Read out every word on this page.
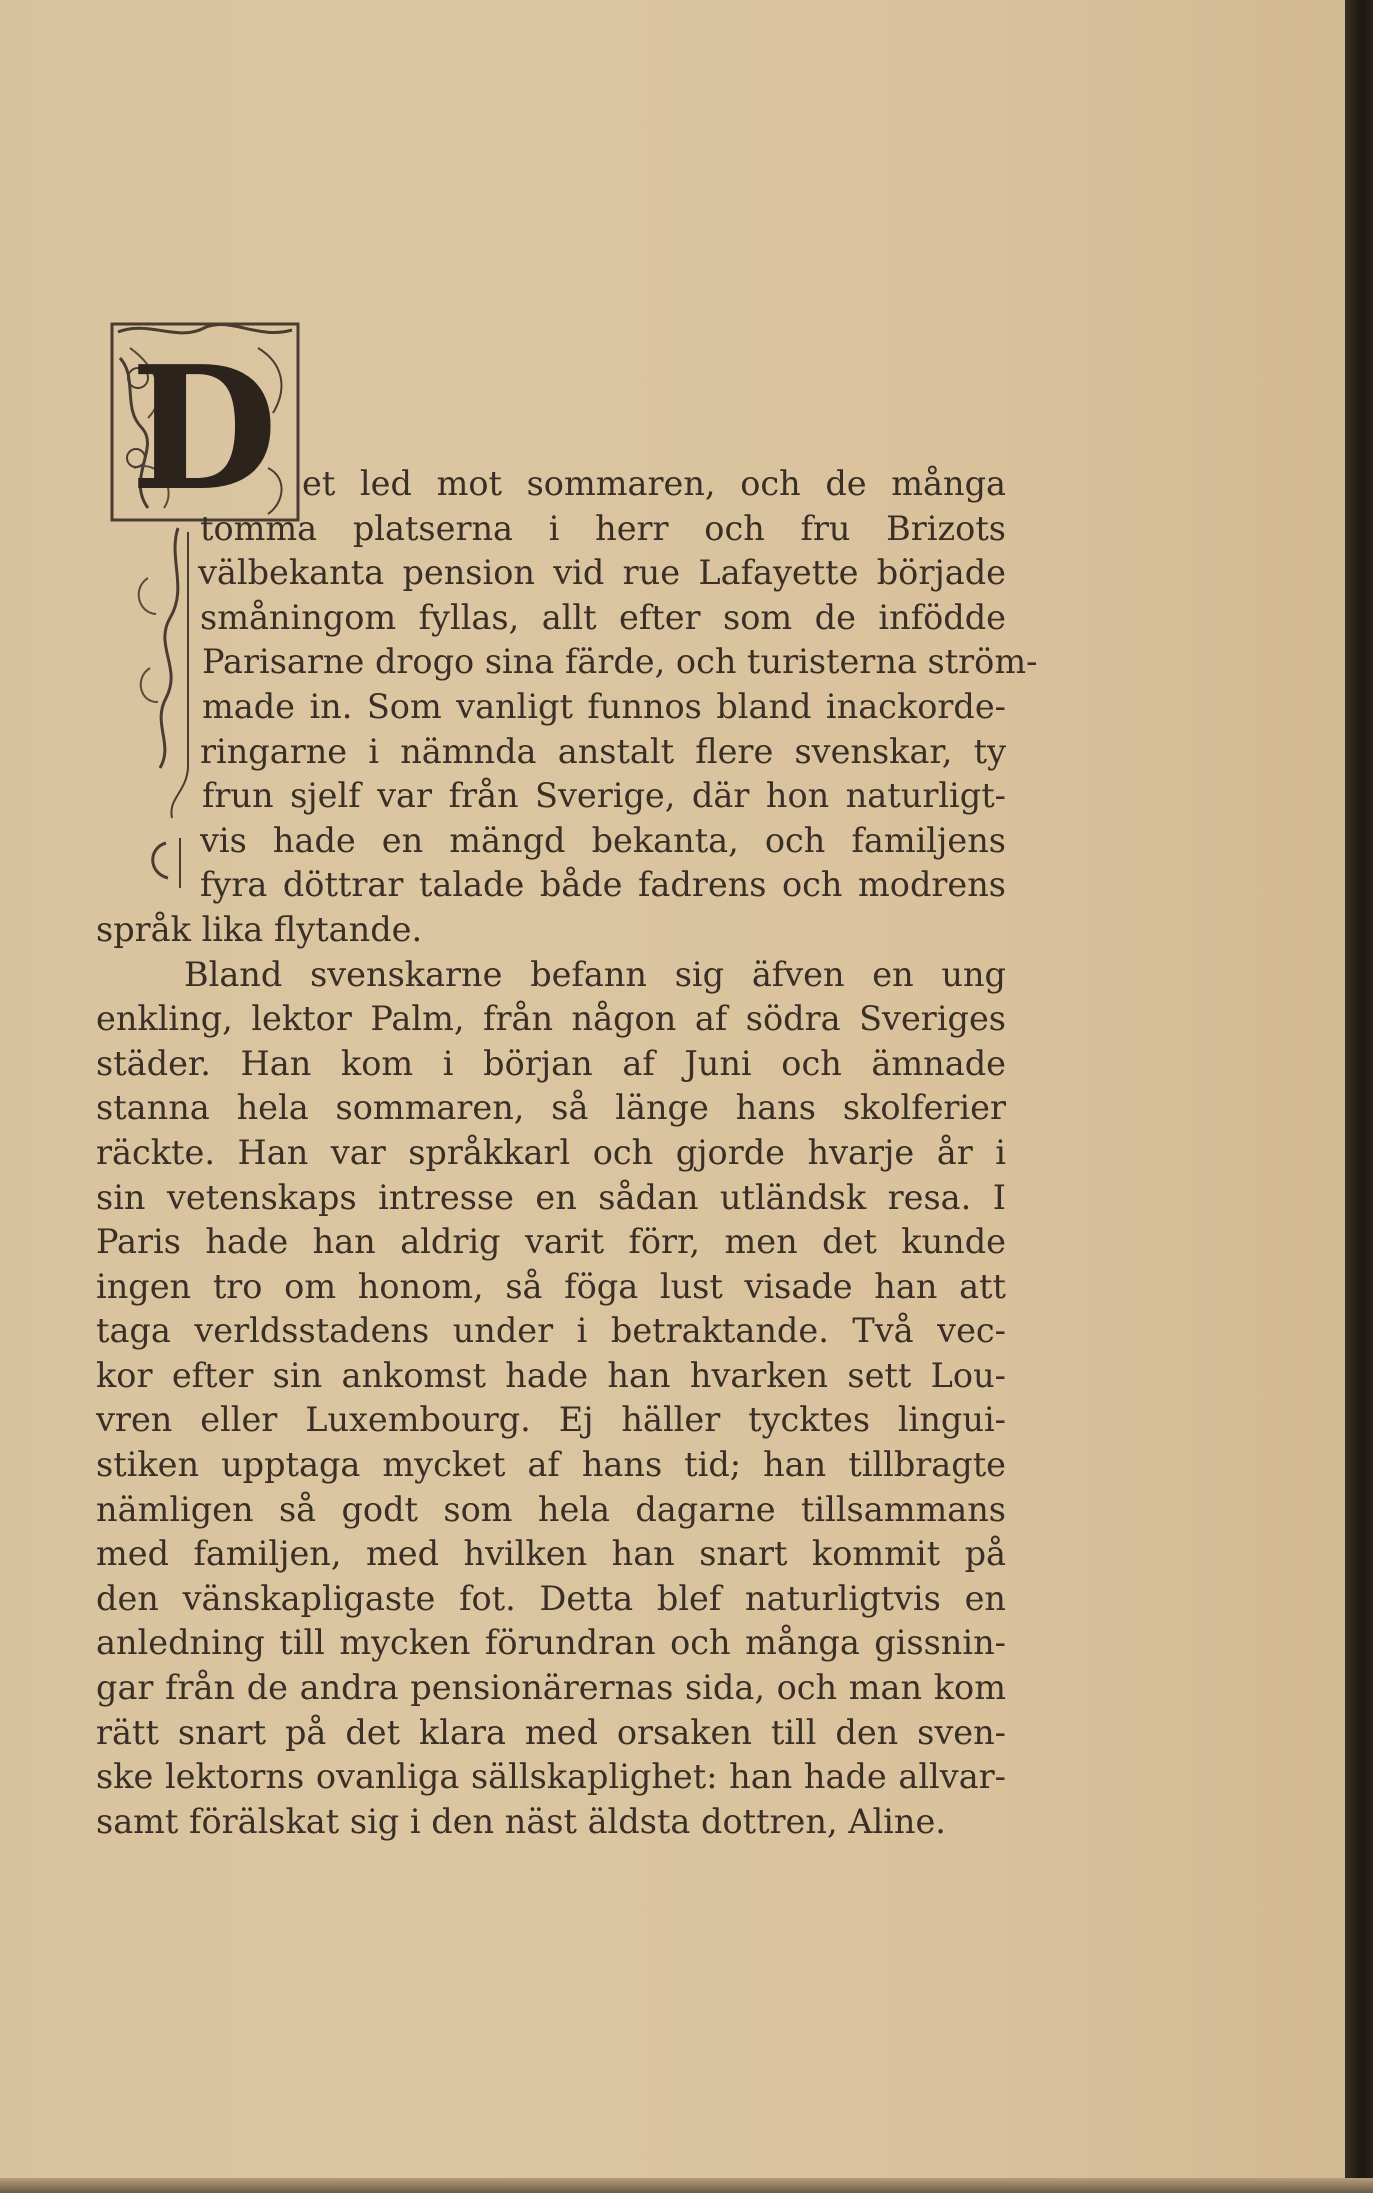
D et led mot sommaren, och de många
tomma platserna i herr och fru Brizots
välbekanta pension vid rue Lafayette började
småningom fyllas, allt efter som de infödde
Parisarne drogo sina färde, och turisterna ström-
made in. Som vanligt funnos bland inackorde-
ringarne i nämnda anstalt flere svenskar, ty
frun sjelf var från Sverige, där hon naturligt-
vis hade en mängd bekanta, och familjens
fyra döttrar talade både fadrens och modrens
språk lika flytande.
Bland svenskarne befann sig äfven en ung
enkling, lektor Palm, från någon af södra Sveriges
städer. Han kom i början af Juni och ämnade
stanna hela sommaren, så länge hans skolferier
räckte. Han var språkkarl och gjorde hvarje år i
sin vetenskaps intresse en sådan utländsk resa. I
Paris hade han aldrig varit förr, men det kunde
ingen tro om honom, så föga lust visade han att
taga verldsstadens under i betraktande. Två vec-
kor efter sin ankomst hade han hvarken sett Lou-
vren eller Luxembourg. Ej häller tycktes lingui-
stiken upptaga mycket af hans tid; han tillbragte
nämligen så godt som hela dagarne tillsammans
med familjen, med hvilken han snart kommit på
den vänskapligaste fot. Detta blef naturligtvis en
anledning till mycken förundran och många gissnin-
gar från de andra pensionärernas sida, och man kom
rätt snart på det klara med orsaken till den sven-
ske lektorns ovanliga sällskaplighet: han hade allvar-
samt förälskat sig i den näst äldsta dottren, Aline.
